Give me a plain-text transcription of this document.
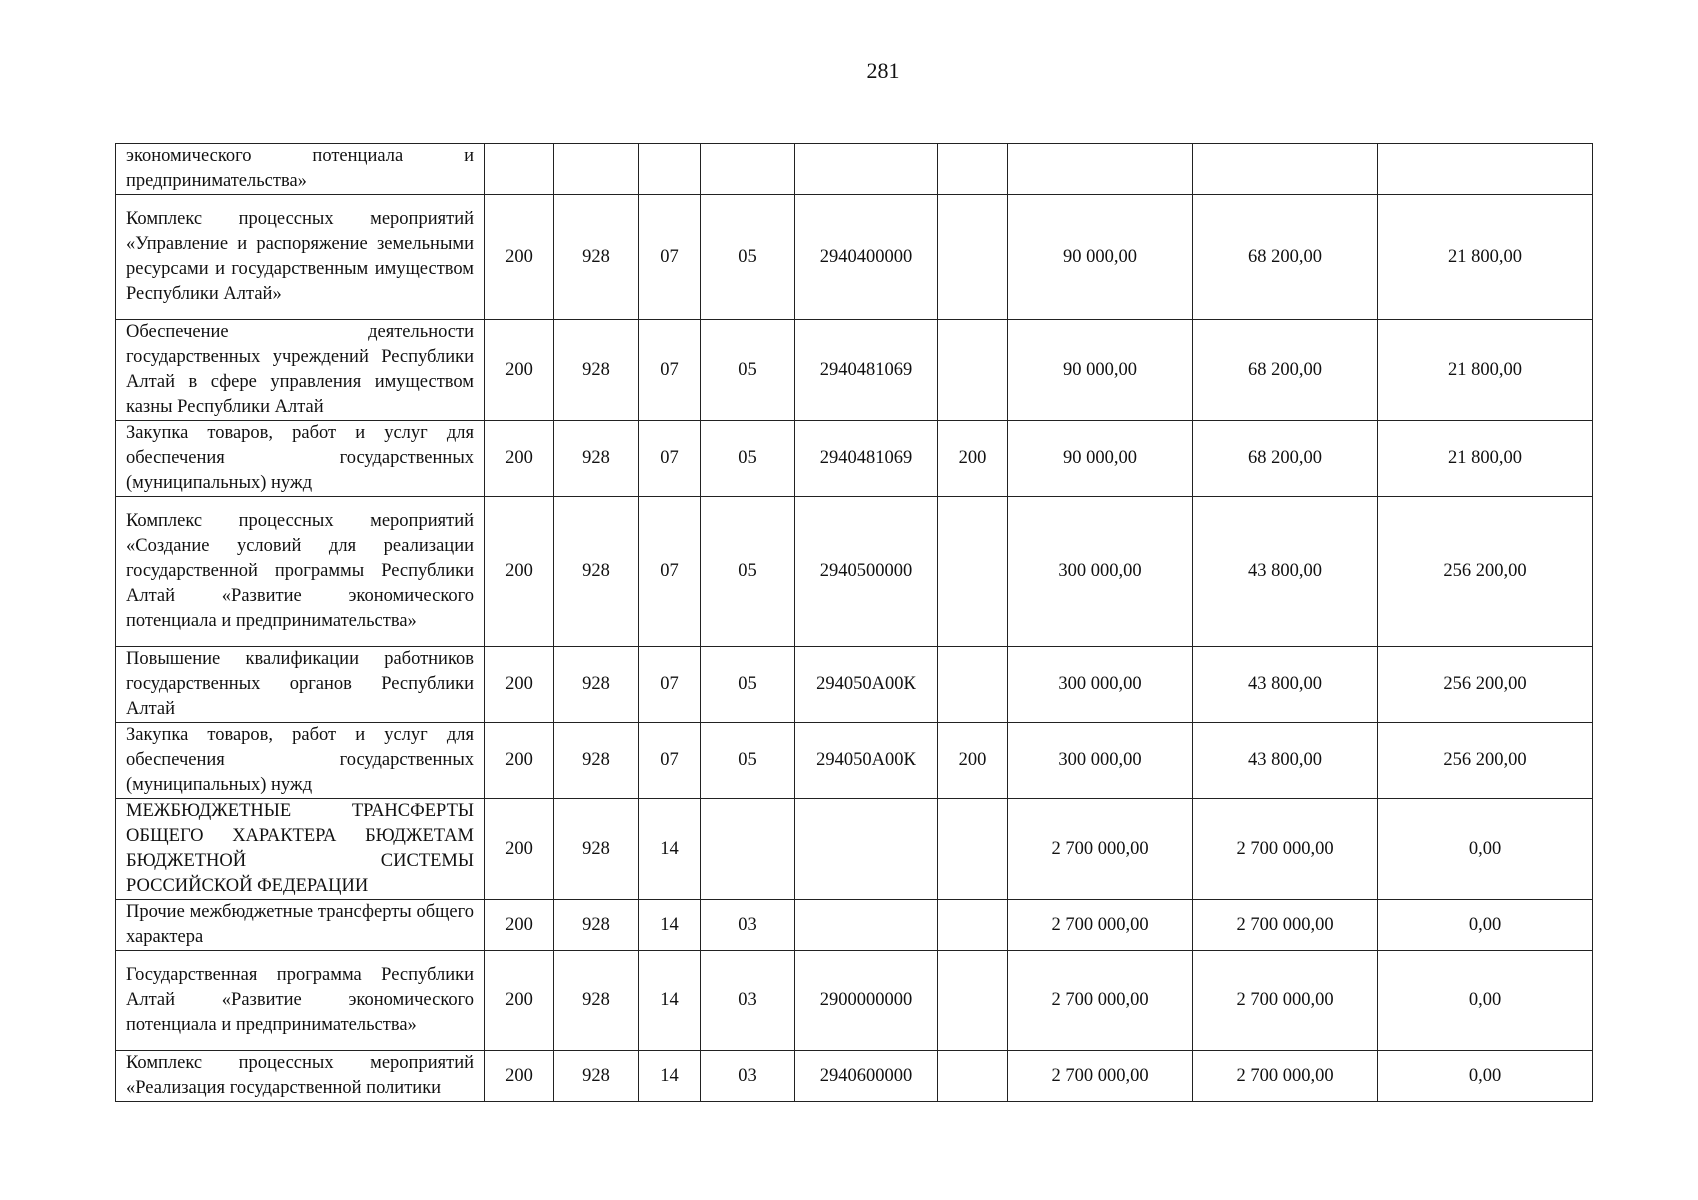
281
экономического потенциала и предпринимательства»									

Комплекс процессных мероприятий «Управление и распоряжение земельными ресурсами и государственным имуществом Республики Алтай»	200	928	07	05	2940400000		90 000,00	68 200,00	21 800,00

Обеспечение деятельности государственных учреждений Республики Алтай в сфере управления имуществом казны Республики Алтай	200	928	07	05	2940481069		90 000,00	68 200,00	21 800,00

Закупка товаров, работ и услуг для обеспечения государственных (муниципальных) нужд	200	928	07	05	2940481069	200	90 000,00	68 200,00	21 800,00

Комплекс процессных мероприятий «Создание условий для реализации государственной программы Республики Алтай «Развитие экономического потенциала и предпринимательства»	200	928	07	05	2940500000		300 000,00	43 800,00	256 200,00

Повышение квалификации работников государственных органов Республики Алтай	200	928	07	05	294050А00К		300 000,00	43 800,00	256 200,00

Закупка товаров, работ и услуг для обеспечения государственных (муниципальных) нужд	200	928	07	05	294050А00К	200	300 000,00	43 800,00	256 200,00

МЕЖБЮДЖЕТНЫЕ ТРАНСФЕРТЫ ОБЩЕГО ХАРАКТЕРА БЮДЖЕТАМ БЮДЖЕТНОЙ СИСТЕМЫ РОССИЙСКОЙ ФЕДЕРАЦИИ	200	928	14				2 700 000,00	2 700 000,00	0,00

Прочие межбюджетные трансферты общего характера	200	928	14	03			2 700 000,00	2 700 000,00	0,00

Государственная программа Республики Алтай «Развитие экономического потенциала и предпринимательства»	200	928	14	03	2900000000		2 700 000,00	2 700 000,00	0,00

Комплекс процессных мероприятий «Реализация государственной политики	200	928	14	03	2940600000		2 700 000,00	2 700 000,00	0,00
